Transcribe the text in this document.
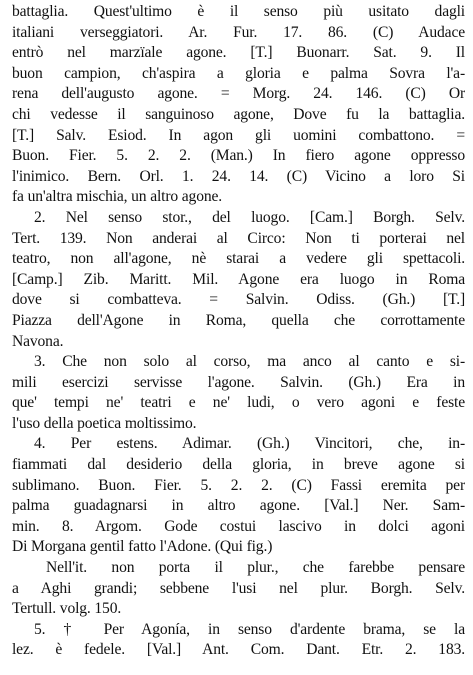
battaglia. Quest'ultimo è il senso più usitato dagli
italiani verseggiatori. Ar. Fur. 17. 86. (C) Audace
entrò nel marzïale agone. [T.] Buonarr. Sat. 9. Il
buon campion, ch'aspira a gloria e palma Sovra l'a-
rena dell'augusto agone. = Morg. 24. 146. (C) Or
chi vedesse il sanguinoso agone, Dove fu la battaglia.
[T.] Salv. Esiod. In agon gli uomini combattono. =
Buon. Fier. 5. 2. 2. (Man.) In fiero agone oppresso
l'inimico. Bern. Orl. 1. 24. 14. (C) Vicino a loro Si
fa un'altra mischia, un altro agone.
2. Nel senso stor., del luogo. [Cam.] Borgh. Selv.
Tert. 139. Non anderai al Circo: Non ti porterai nel
teatro, non all'agone, nè starai a vedere gli spettacoli.
[Camp.] Zib. Maritt. Mil. Agone era luogo in Roma
dove si combatteva. = Salvin. Odiss. (Gh.) [T.]
Piazza dell'Agone in Roma, quella che corrottamente
Navona.
3. Che non solo al corso, ma anco al canto e si-
mili esercizi servisse l'agone. Salvin. (Gh.) Era in
que' tempi ne' teatri e ne' ludi, o vero agoni e feste
l'uso della poetica moltissimo.
4. Per estens. Adimar. (Gh.) Vincitori, che, in-
fiammati dal desiderio della gloria, in breve agone si
sublimano. Buon. Fier. 5. 2. 2. (C) Fassi eremita per
palma guadagnarsi in altro agone. [Val.] Ner. Sam-
min. 8. Argom. Gode costui lascivo in dolci agoni
Di Morgana gentil fatto l'Adone. (Qui fig.)
Nell'it. non porta il plur., che farebbe pensare
a Aghi grandi; sebbene l'usi nel plur. Borgh. Selv.
Tertull. volg. 150.
5. † Per Agonía, in senso d'ardente brama, se la
lez. è fedele. [Val.] Ant. Com. Dant. Etr. 2. 183.
